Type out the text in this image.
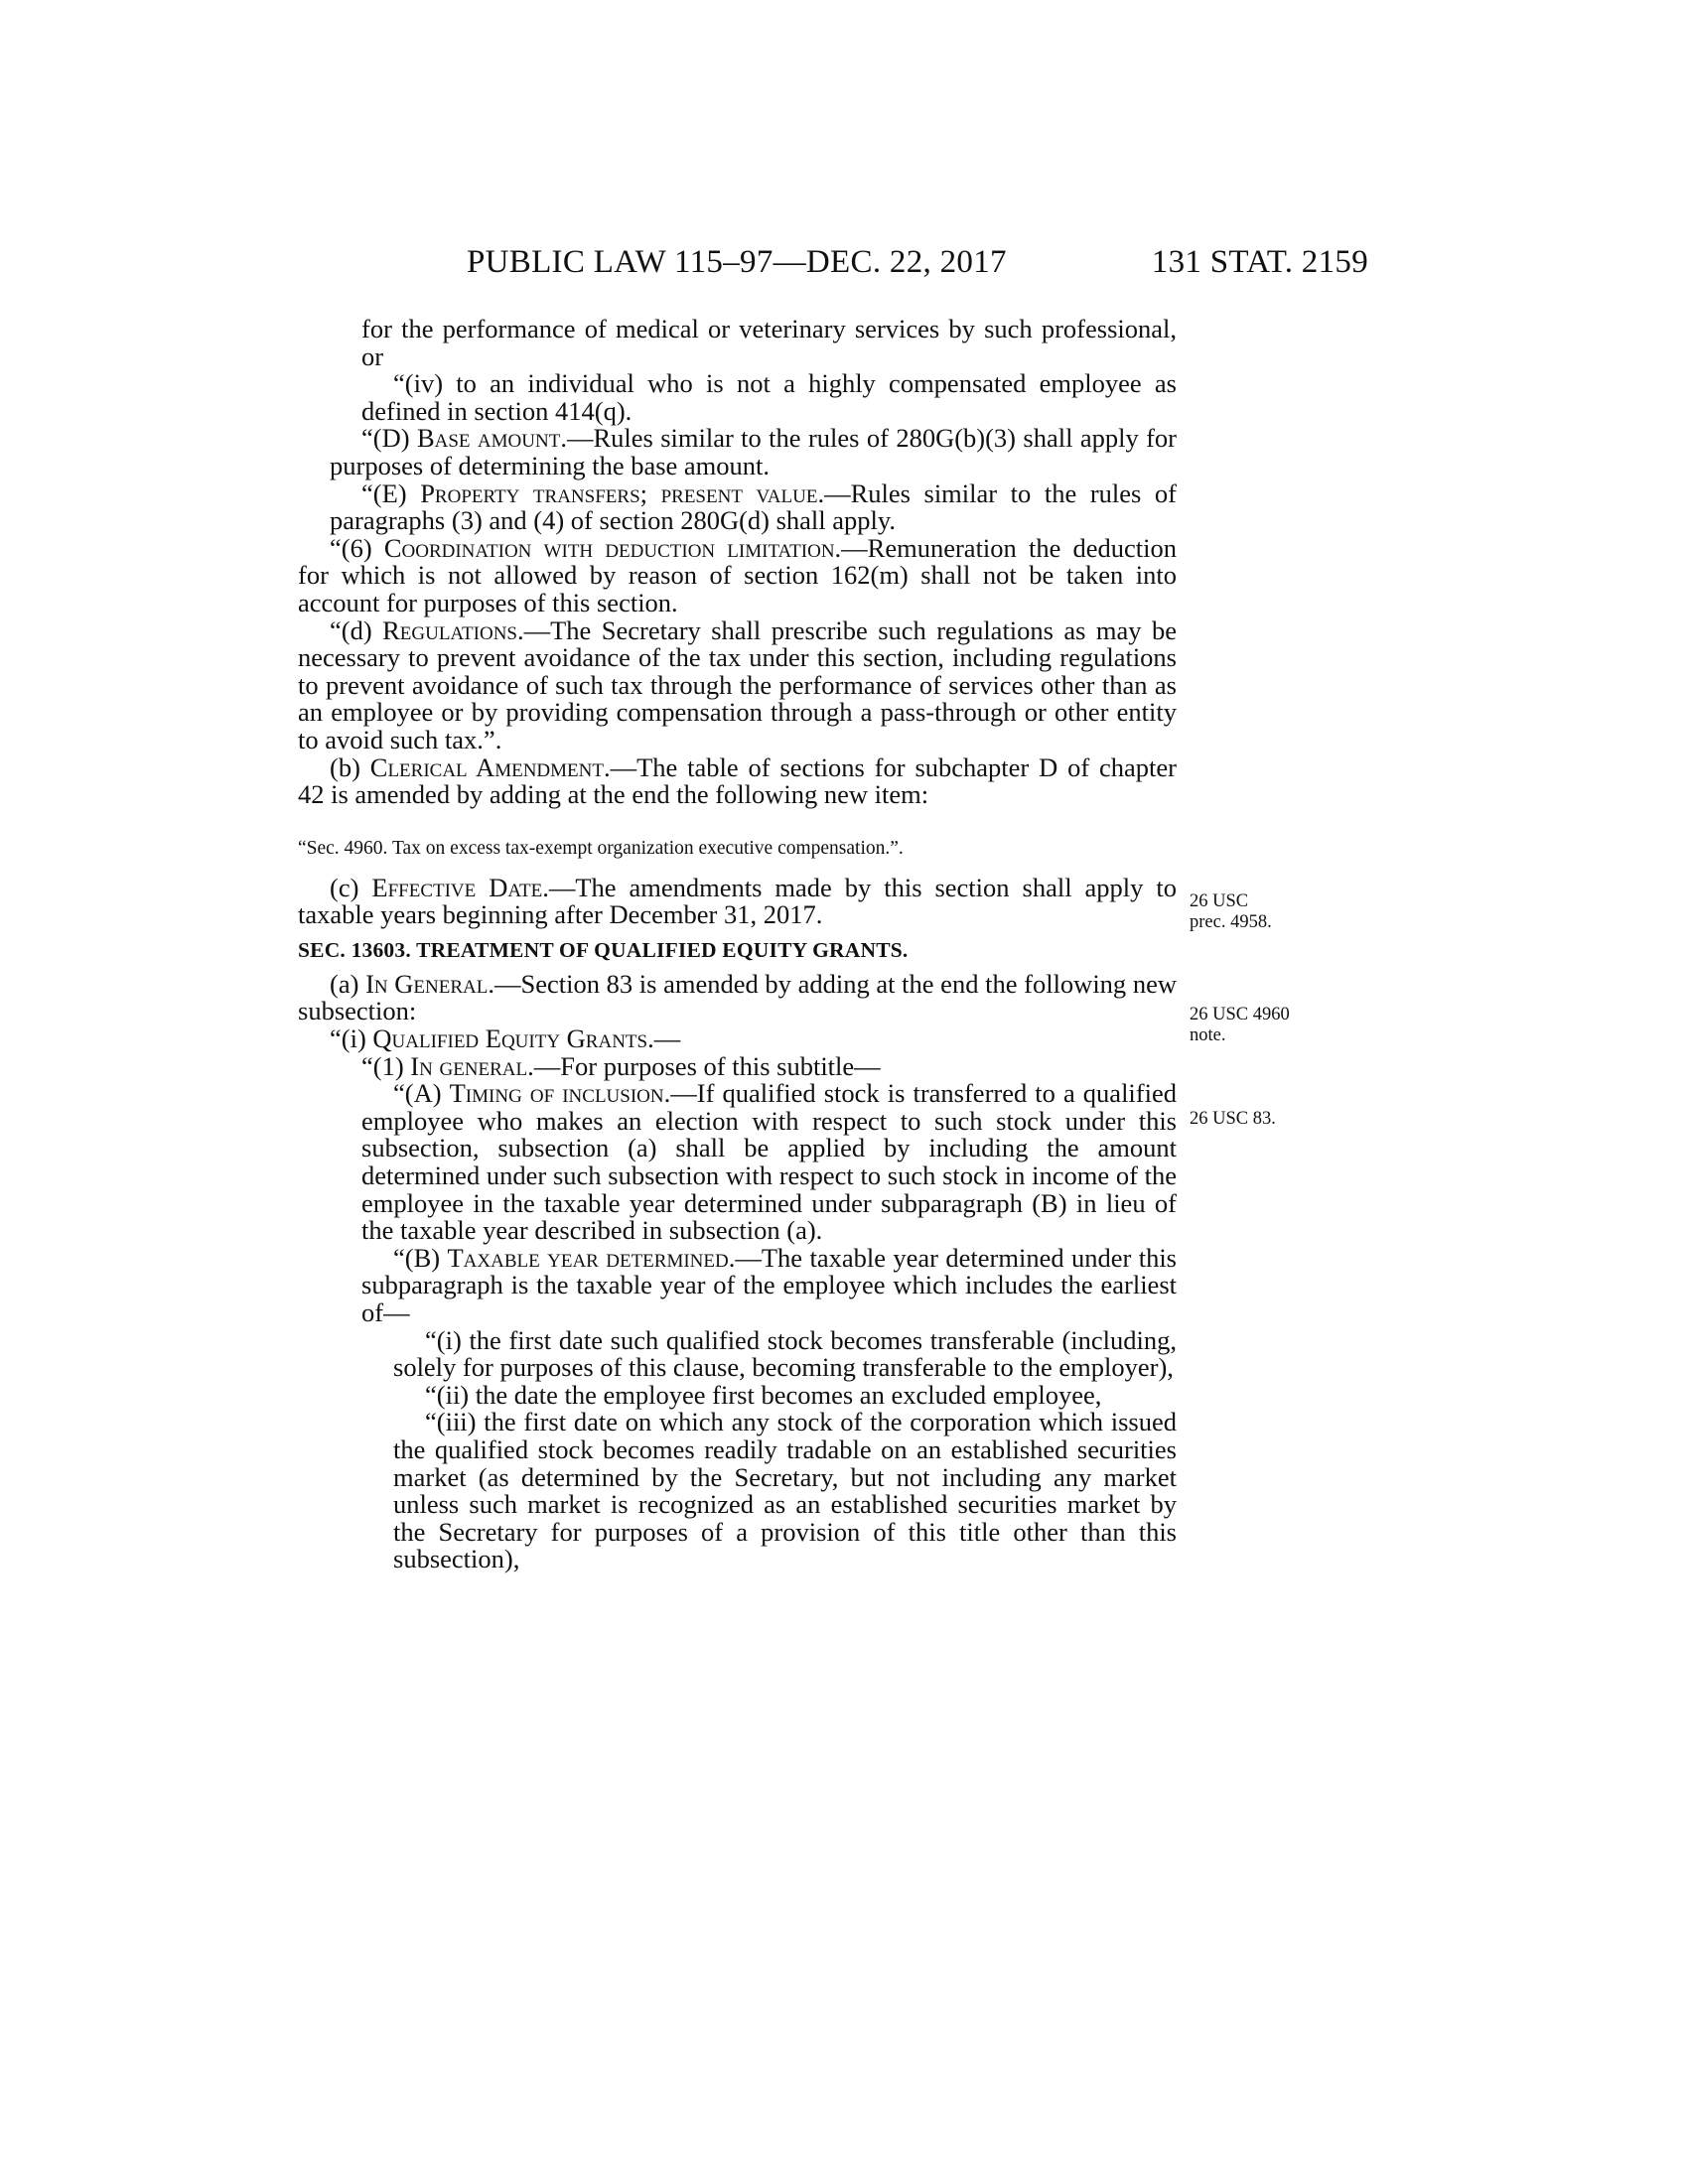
PUBLIC LAW 115–97—DEC. 22, 2017	131 STAT. 2159

for the performance of medical or veterinary services by such professional, or

“(iv) to an individual who is not a highly compensated employee as defined in section 414(q).

“(D) Base amount.—Rules similar to the rules of 280G(b)(3) shall apply for purposes of determining the base amount.

“(E) Property transfers; present value.—Rules similar to the rules of paragraphs (3) and (4) of section 280G(d) shall apply.

“(6) Coordination with deduction limitation.—Remuneration the deduction for which is not allowed by reason of section 162(m) shall not be taken into account for purposes of this section.

“(d) Regulations.—The Secretary shall prescribe such regulations as may be necessary to prevent avoidance of the tax under this section, including regulations to prevent avoidance of such tax through the performance of services other than as an employee or by providing compensation through a pass-through or other entity to avoid such tax.”.

(b) Clerical Amendment.—The table of sections for subchapter D of chapter 42 is amended by adding at the end the following new item:

“Sec. 4960. Tax on excess tax-exempt organization executive compensation.”.

(c) Effective Date.—The amendments made by this section shall apply to taxable years beginning after December 31, 2017.

SEC. 13603. TREATMENT OF QUALIFIED EQUITY GRANTS.

(a) In General.—Section 83 is amended by adding at the end the following new subsection:

“(i) Qualified Equity Grants.—

“(1) In general.—For purposes of this subtitle—

“(A) Timing of inclusion.—If qualified stock is transferred to a qualified employee who makes an election with respect to such stock under this subsection, subsection (a) shall be applied by including the amount determined under such subsection with respect to such stock in income of the employee in the taxable year determined under subparagraph (B) in lieu of the taxable year described in subsection (a).

“(B) Taxable year determined.—The taxable year determined under this subparagraph is the taxable year of the employee which includes the earliest of—

“(i) the first date such qualified stock becomes transferable (including, solely for purposes of this clause, becoming transferable to the employer),

“(ii) the date the employee first becomes an excluded employee,

“(iii) the first date on which any stock of the corporation which issued the qualified stock becomes readily tradable on an established securities market (as determined by the Secretary, but not including any market unless such market is recognized as an established securities market by the Secretary for purposes of a provision of this title other than this subsection),

26 USC
prec. 4958.
26 USC 4960
note.
26 USC 83.
